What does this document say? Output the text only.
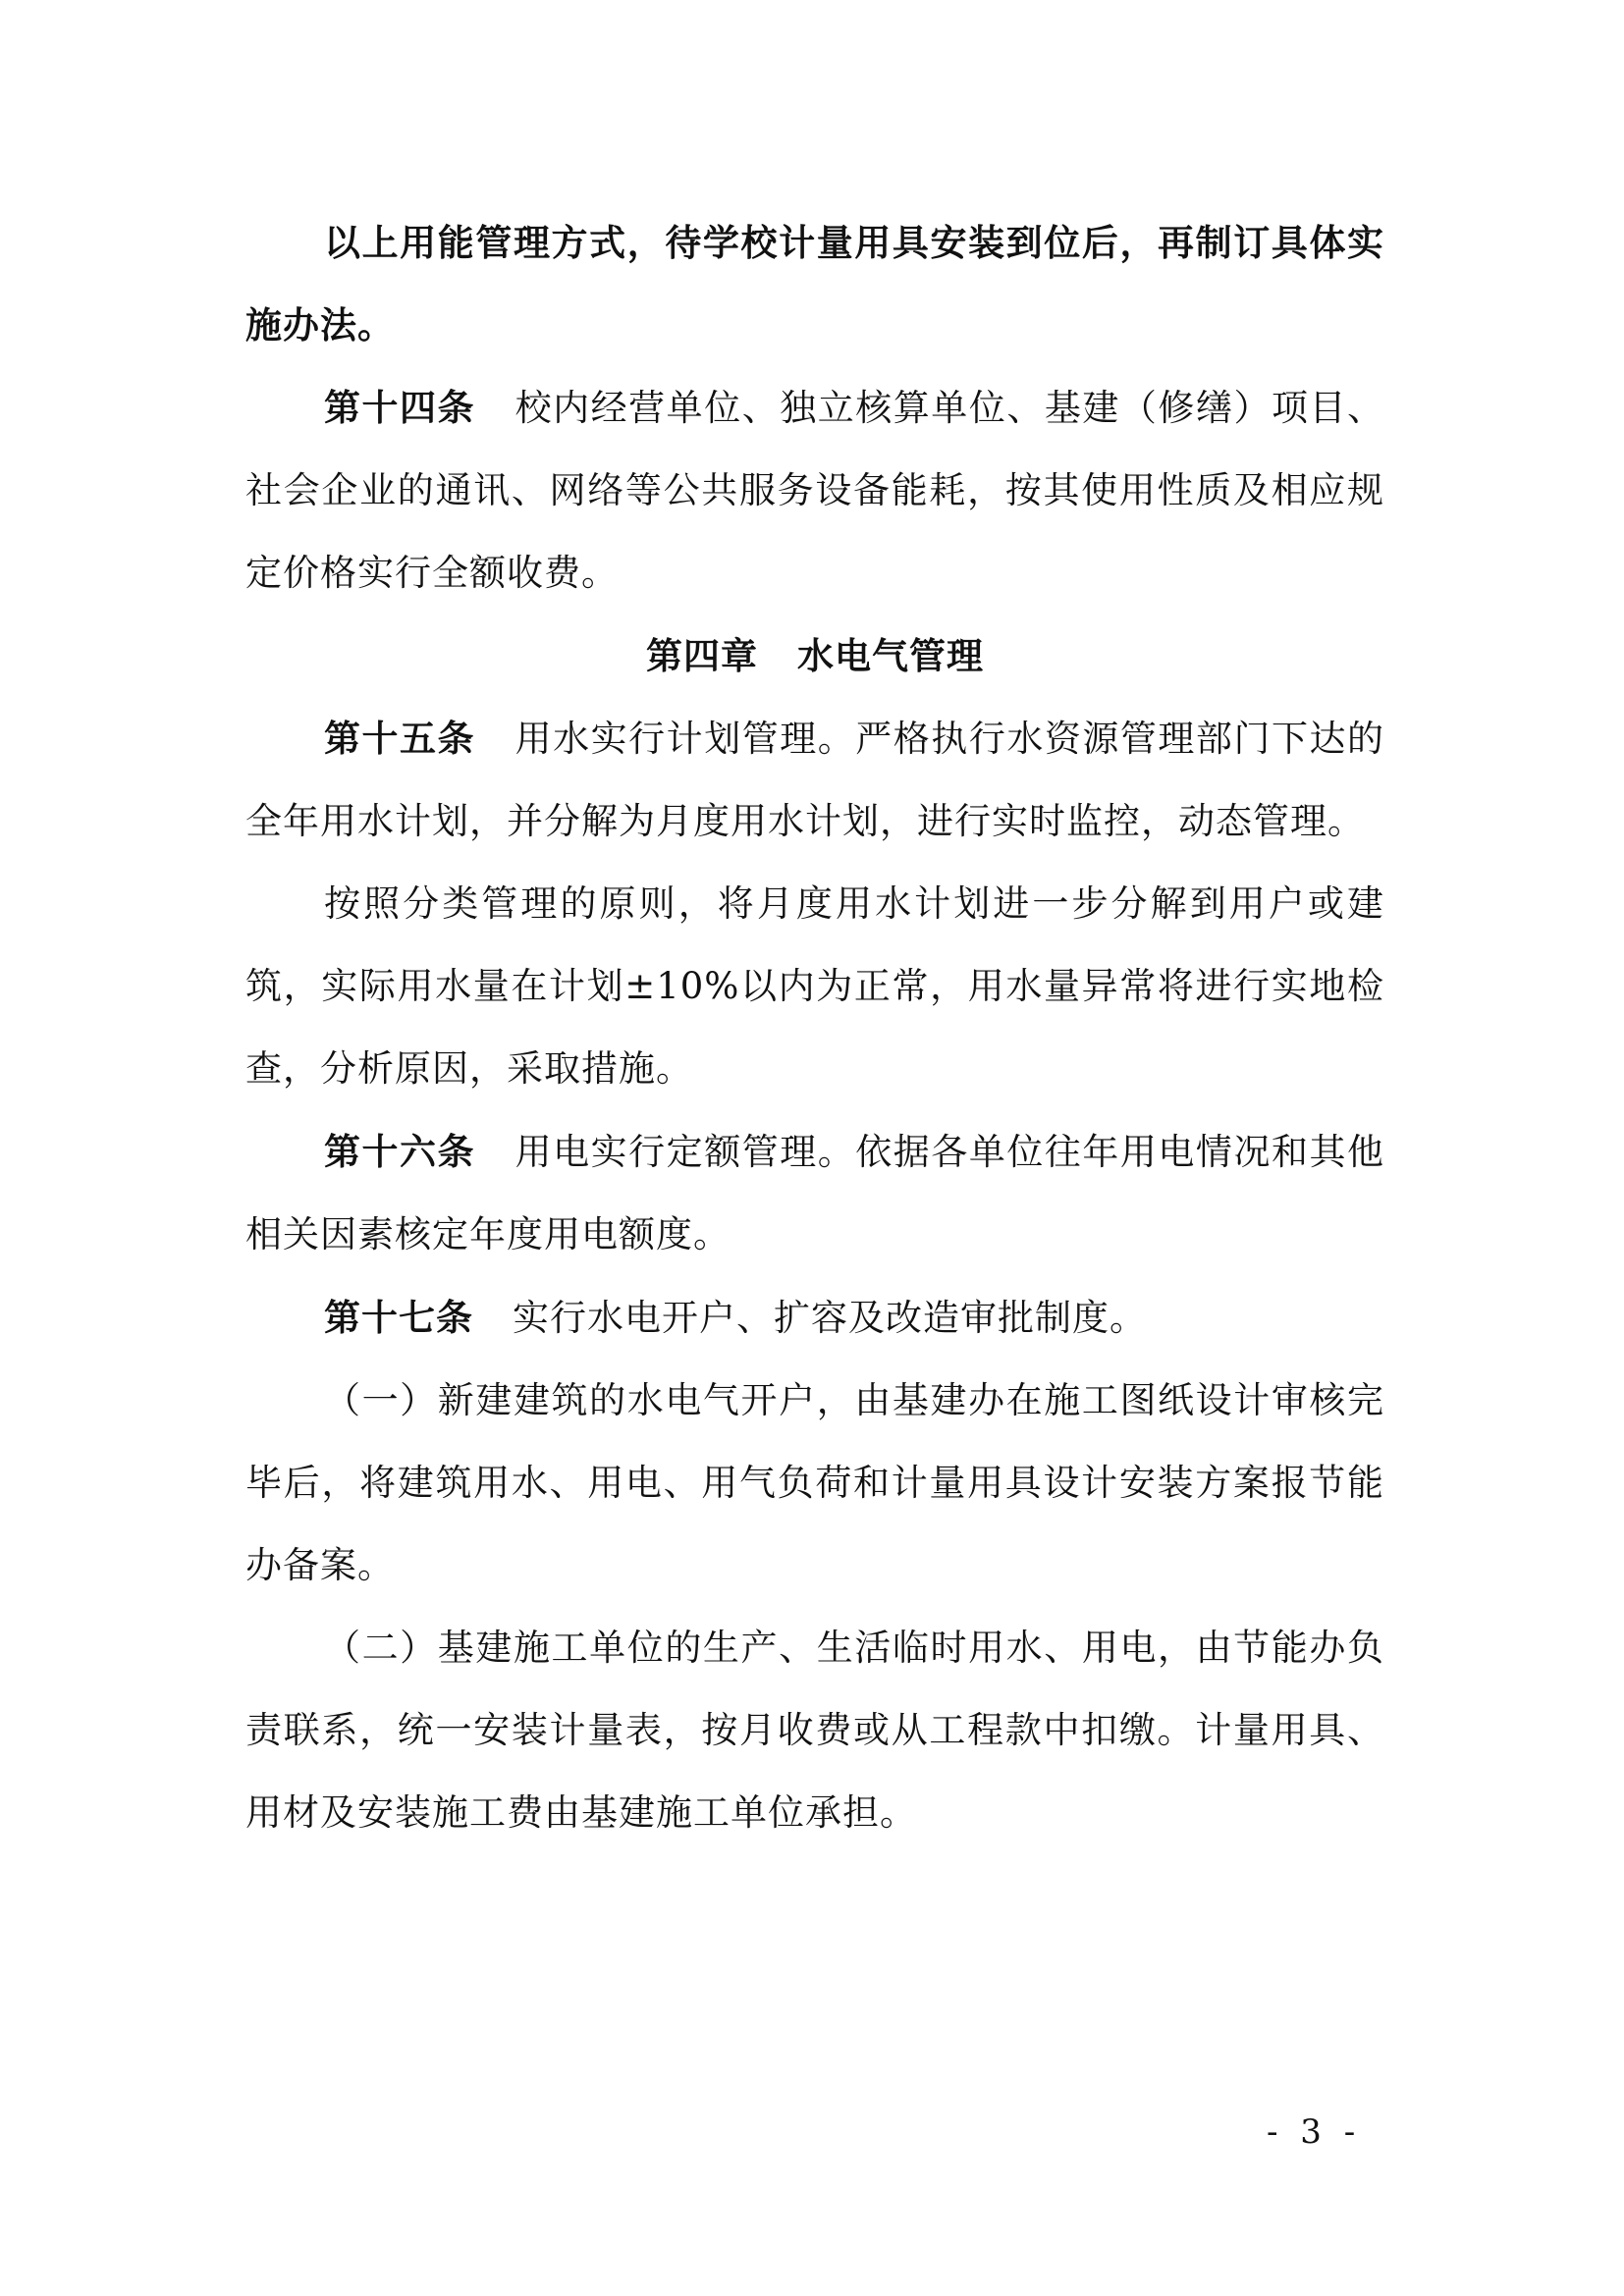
以上用能管理方式，待学校计量用具安装到位后，再制订具体实施办法。

第十四条 校内经营单位、独立核算单位、基建（修缮）项目、社会企业的通讯、网络等公共服务设备能耗，按其使用性质及相应规定价格实行全额收费。

第四章 水电气管理

第十五条 用水实行计划管理。严格执行水资源管理部门下达的全年用水计划，并分解为月度用水计划，进行实时监控，动态管理。

按照分类管理的原则，将月度用水计划进一步分解到用户或建筑，实际用水量在计划±10%以内为正常，用水量异常将进行实地检查，分析原因，采取措施。

第十六条 用电实行定额管理。依据各单位往年用电情况和其他相关因素核定年度用电额度。

第十七条 实行水电开户、扩容及改造审批制度。

（一）新建建筑的水电气开户，由基建办在施工图纸设计审核完毕后，将建筑用水、用电、用气负荷和计量用具设计安装方案报节能办备案。

（二）基建施工单位的生产、生活临时用水、用电，由节能办负责联系，统一安装计量表，按月收费或从工程款中扣缴。计量用具、用材及安装施工费由基建施工单位承担。

- 3 -
